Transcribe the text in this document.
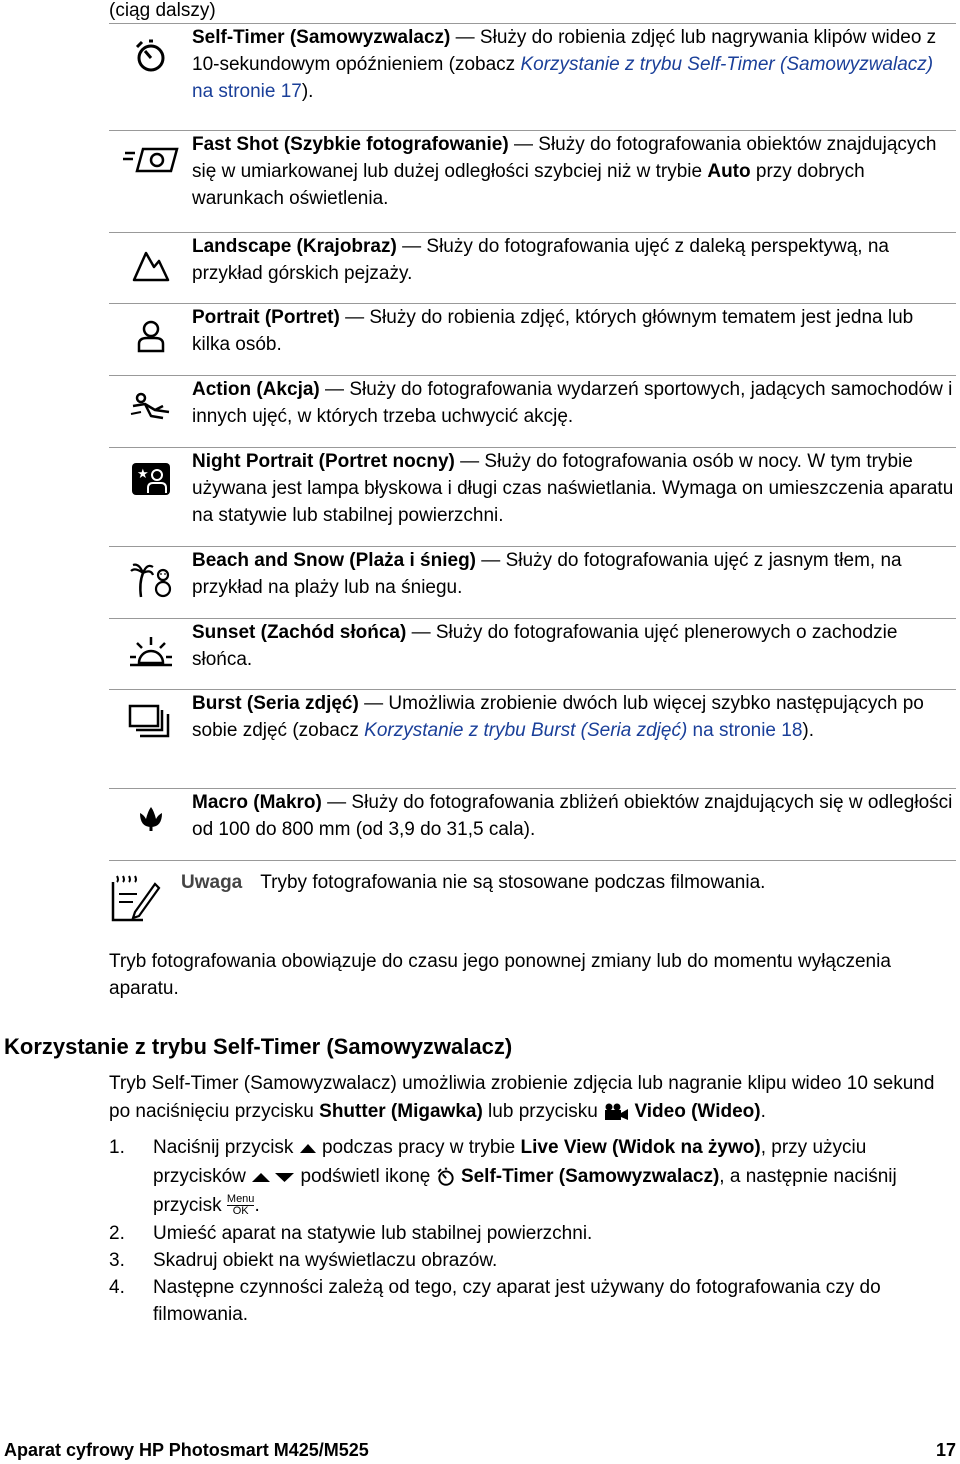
(ciąg dalszy)
	Self-Timer (Samowyzwalacz) — Służy do robienia zdjęć lub nagrywania klipów wideo z 10-sekundowym opóźnieniem (zobacz Korzystanie z trybu Self-Timer (Samowyzwalacz) na stronie 17).

	Fast Shot (Szybkie fotografowanie) — Służy do fotografowania obiektów znajdujących się w umiarkowanej lub dużej odległości szybciej niż w trybie Auto przy dobrych warunkach oświetlenia.

	Landscape (Krajobraz) — Służy do fotografowania ujęć z daleką perspektywą, na przykład górskich pejzaży.

	Portrait (Portret) — Służy do robienia zdjęć, których głównym tematem jest jedna lub kilka osób.

	Action (Akcja) — Służy do fotografowania wydarzeń sportowych, jadących samochodów i innych ujęć, w których trzeba uchwycić akcję.

★	Night Portrait (Portret nocny) — Służy do fotografowania osób w nocy. W tym trybie używana jest lampa błyskowa i długi czas naświetlania. Wymaga on umieszczenia aparatu na statywie lub stabilnej powierzchni.

	Beach and Snow (Plaża i śnieg) — Służy do fotografowania ujęć z jasnym tłem, na przykład na plaży lub na śniegu.

	Sunset (Zachód słońca) — Służy do fotografowania ujęć plenerowych o zachodzie słońca.

	Burst (Seria zdjęć) — Umożliwia zrobienie dwóch lub więcej szybko następujących po sobie zdjęć (zobacz Korzystanie z trybu Burst (Seria zdjęć) na stronie 18).

	Macro (Makro) — Służy do fotografowania zbliżeń obiektów znajdujących się w odległości od 100 do 800 mm (od 3,9 do 31,5 cala).
Uwaga Tryby fotografowania nie są stosowane podczas filmowania.
Tryb fotografowania obowiązuje do czasu jego ponownej zmiany lub do momentu wyłączenia aparatu.
Korzystanie z trybu Self-Timer (Samowyzwalacz)
Tryb Self-Timer (Samowyzwalacz) umożliwia zrobienie zdjęcia lub nagranie klipu wideo 10 sekund po naciśnięciu przycisku Shutter (Migawka) lub przycisku  Video (Wideo).
1. Naciśnij przycisk  podczas pracy w trybie Live View (Widok na żywo), przy użyciu przycisków  podświetl ikonę  Self-Timer (Samowyzwalacz), a następnie naciśnij przycisk Menu
OK .
2. Umieść aparat na statywie lub stabilnej powierzchni.
3. Skadruj obiekt na wyświetlaczu obrazów.
4. Następne czynności zależą od tego, czy aparat jest używany do fotografowania czy do filmowania.
Aparat cyfrowy HP Photosmart M425/M525	17
